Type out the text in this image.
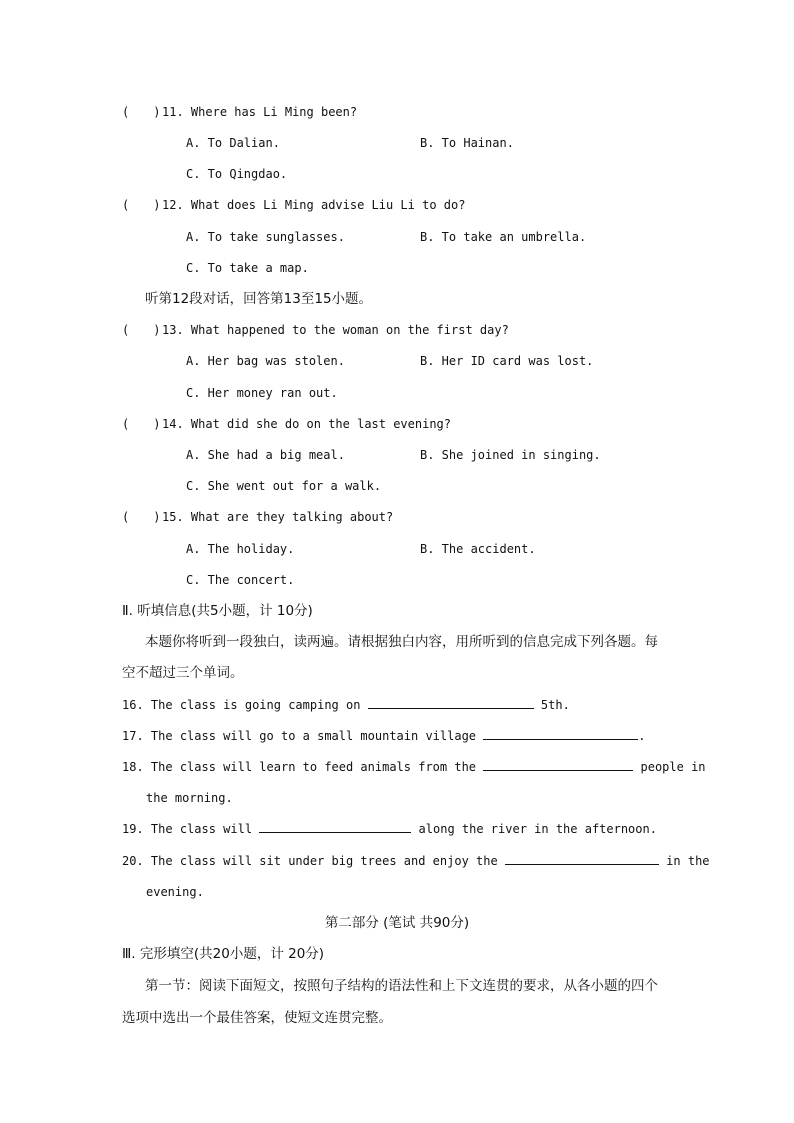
( ) 11. Where has Li Ming been?
A. To Dalian.	B. To Hainan.
C. To Qingdao.
( ) 12. What does Li Ming advise Liu Li to do?
A. To take sunglasses.	B. To take an umbrella.
C. To take a map.
听第12段对话，回答第13至15小题。
( ) 13. What happened to the woman on the first day?
A. Her bag was stolen.	B. Her ID card was lost.
C. Her money ran out.
( ) 14. What did she do on the last evening?
A. She had a big meal.	B. She joined in singing.
C. She went out for a walk.
( ) 15. What are they talking about?
A. The holiday.	B. The accident.
C. The concert.
Ⅱ. 听填信息(共5小题，计 10分)
本题你将听到一段独白，读两遍。请根据独白内容，用所听到的信息完成下列各题。每
空不超过三个单词。
16. The class is going camping on	5th.
17. The class will go to a small mountain village	.
18. The class will learn to feed animals from the	people in
the morning.
19. The class will	along the river in the afternoon.
20. The class will sit under big trees and enjoy the	in the
evening.
第二部分 (笔试 共90分)
Ⅲ. 完形填空(共20小题，计 20分)
第一节：阅读下面短文，按照句子结构的语法性和上下文连贯的要求，从各小题的四个
选项中选出一个最佳答案，使短文连贯完整。
